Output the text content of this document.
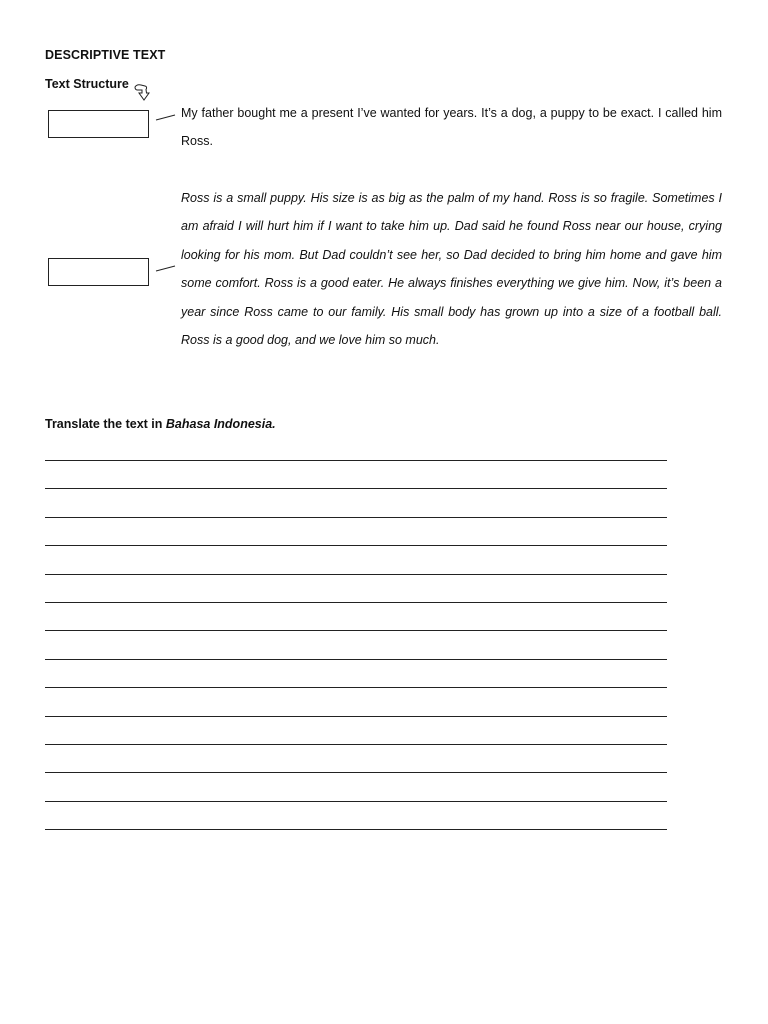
DESCRIPTIVE TEXT
Text Structure

My father bought me a present I’ve wanted for years. It’s a dog, a puppy to be exact. I called him Ross.

Ross is a small puppy. His size is as big as the palm of my hand. Ross is so fragile. Sometimes I am afraid I will hurt him if I want to take him up. Dad said he found Ross near our house, crying looking for his mom. But Dad couldn’t see her, so Dad decided to bring him home and gave him some comfort. Ross is a good eater. He always finishes everything we give him. Now, it’s been a year since Ross came to our family. His small body has grown up into a size of a football ball. Ross is a good dog, and we love him so much.

Translate the text in Bahasa Indonesia.
